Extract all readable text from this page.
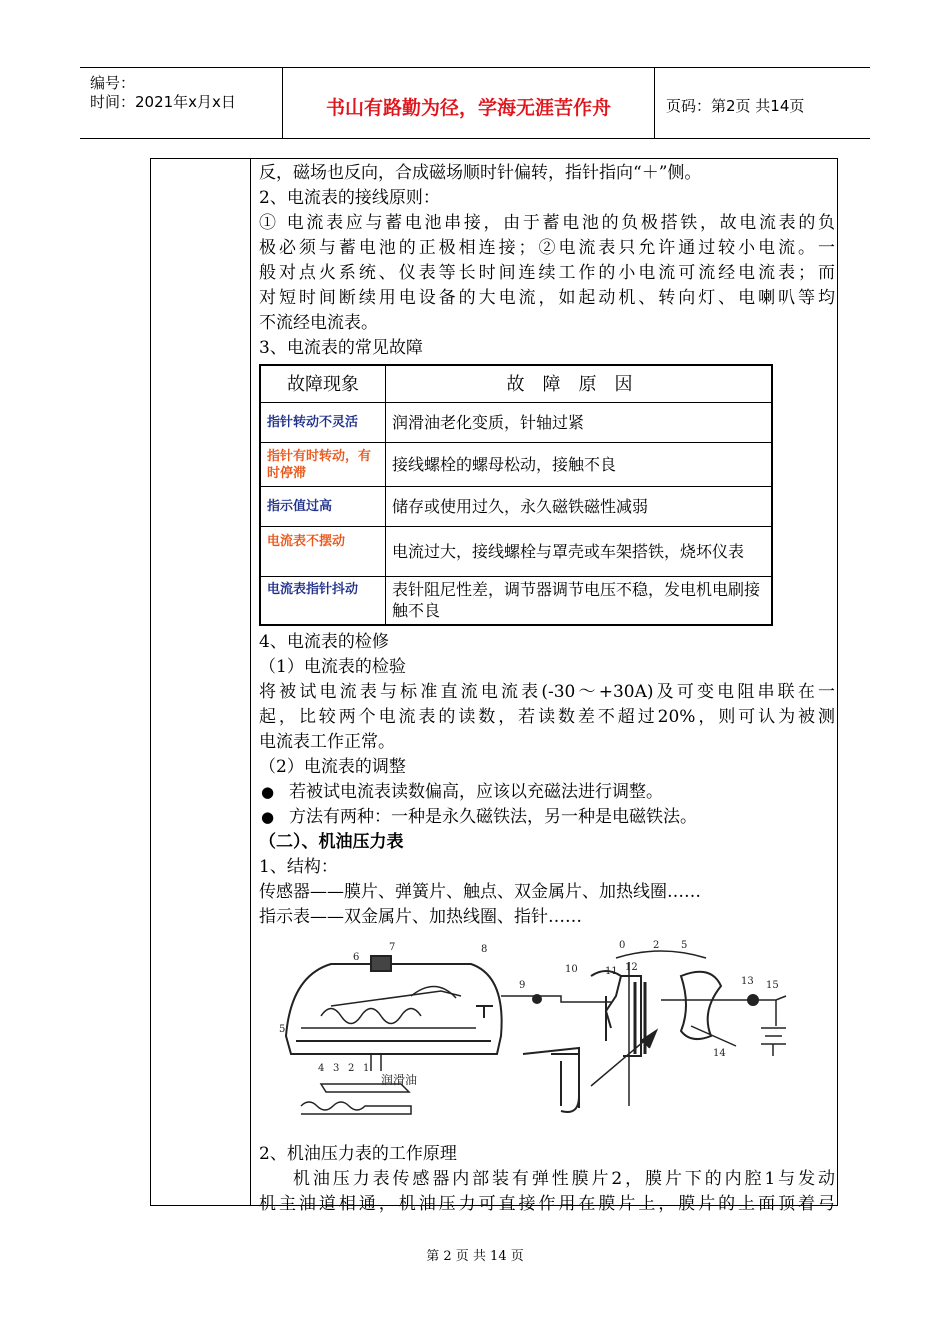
编号：
时间：2021年x月x日	书山有路勤为径，学海无涯苦作舟	页码：第2页 共14页
反，磁场也反向，合成磁场顺时针偏转，指针指向“＋”侧。
2、电流表的接线原则：
① 电流表应与蓄电池串接，由于蓄电池的负极搭铁，故电流表的负
极必须与蓄电池的正极相连接；②电流表只允许通过较小电流。一
般对点火系统、仪表等长时间连续工作的小电流可流经电流表；而
对短时间断续用电设备的大电流，如起动机、转向灯、电喇叭等均
不流经电流表。
3、电流表的常见故障
故障现象	故障原因
指针转动不灵活	润滑油老化变质，针轴过紧
指针有时转动，有时停滞	接线螺栓的螺母松动，接触不良
指示值过高	储存或使用过久，永久磁铁磁性减弱
电流表不摆动	电流过大，接线螺栓与罩壳或车架搭铁，烧坏仪表
电流表指针抖动	表针阻尼性差，调节器调节电压不稳，发电机电刷接触不良
4、电流表的检修
（1）电流表的检验
将被试电流表与标准直流电流表(-30～+30A)及可变电阻串联在一
起，比较两个电流表的读数，若读数差不超过20%，则可认为被测
电流表工作正常。
（2）电流表的调整
● 若被试电流表读数偏高，应该以充磁法进行调整。
● 方法有两种：一种是永久磁铁法，另一种是电磁铁法。
（二）、机油压力表
1、结构：
传感器——膜片、弹簧片、触点、双金属片、加热线圈……
指示表——双金属片、加热线圈、指针……
4 3 2 1
5
6
7	8
9
10	11 12
13 15
14
0	2 5
润滑油
2、机油压力表的工作原理
机油压力表传感器内部装有弹性膜片2，膜片下的内腔1与发动
机主油道相通，机油压力可直接作用在膜片上，膜片的上面顶着弓
第 2 页 共 14 页
